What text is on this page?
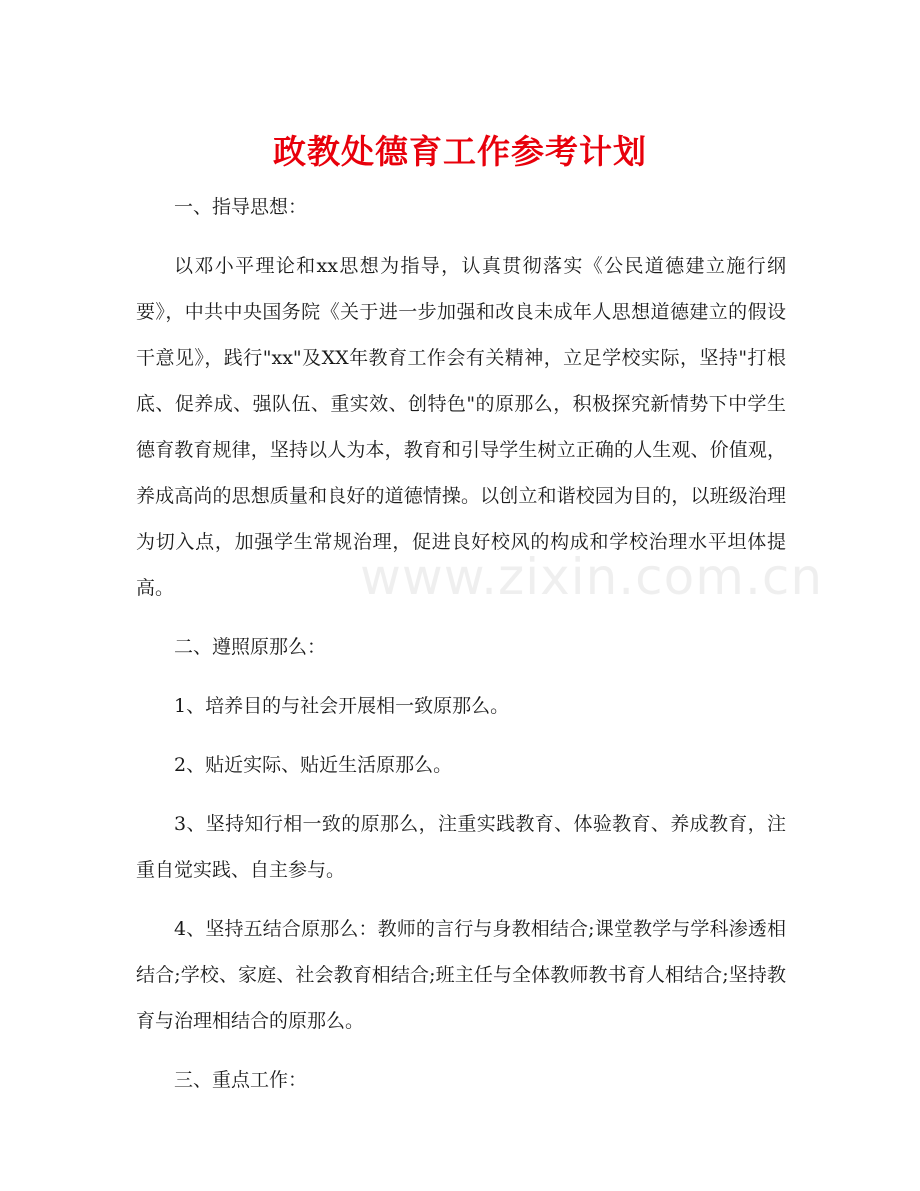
政教处德育工作参考计划

一、指导思想：

以邓小平理论和xx思想为指导，认真贯彻落实《公民道德建立施行纲要》，中共中央国务院《关于进一步加强和改良未成年人思想道德建立的假设干意见》，践行"xx"及XX年教育工作会有关精神，立足学校实际，坚持"打根底、促养成、强队伍、重实效、创特色"的原那么，积极探究新情势下中学生德育教育规律，坚持以人为本，教育和引导学生树立正确的人生观、价值观，养成高尚的思想质量和良好的道德情操。以创立和谐校园为目的，以班级治理为切入点，加强学生常规治理，促进良好校风的构成和学校治理水平坦体提高。

二、遵照原那么：

1、培养目的与社会开展相一致原那么。

2、贴近实际、贴近生活原那么。

3、坚持知行相一致的原那么，注重实践教育、体验教育、养成教育，注重自觉实践、自主参与。

4、坚持五结合原那么：教师的言行与身教相结合;课堂教学与学科渗透相结合;学校、家庭、社会教育相结合;班主任与全体教师教书育人相结合;坚持教育与治理相结合的原那么。

三、重点工作：

www.zixin.com.cn
